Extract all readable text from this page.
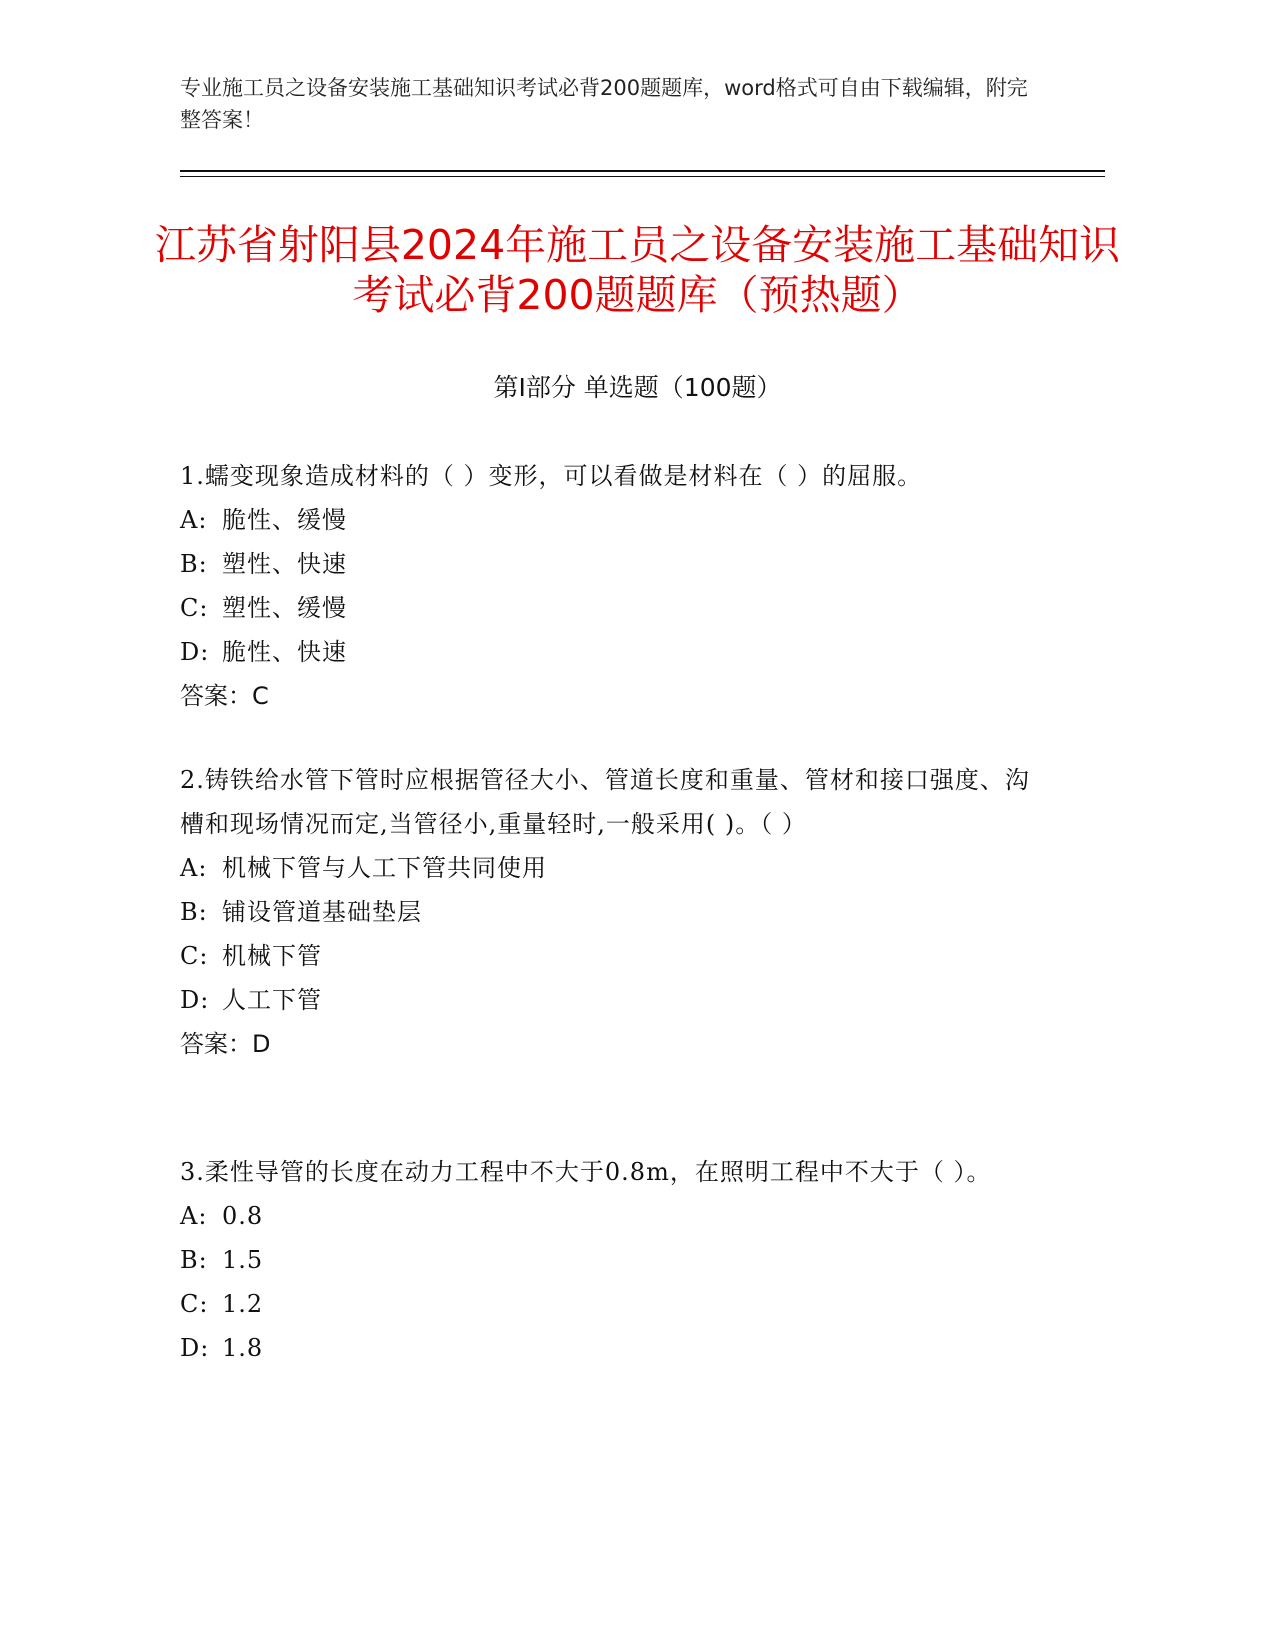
专业施工员之设备安装施工基础知识考试必背200题题库，word格式可自由下载编辑，附完整答案！
江苏省射阳县2024年施工员之设备安装施工基础知识考试必背200题题库（预热题）
第Ⅰ部分 单选题（100题）

1.蠕变现象造成材料的（ ）变形，可以看做是材料在（ ）的屈服。

A: 脆性、缓慢

B: 塑性、快速

C: 塑性、缓慢

D: 脆性、快速

答案：C

2.铸铁给水管下管时应根据管径大小、管道长度和重量、管材和接口强度、沟槽和现场情况而定,当管径小,重量轻时,一般采用( )。（ ）

A: 机械下管与人工下管共同使用

B: 铺设管道基础垫层

C: 机械下管

D: 人工下管

答案：D

3.柔性导管的长度在动力工程中不大于0.8m，在照明工程中不大于（ ）。

A: 0.8

B: 1.5

C: 1.2

D: 1.8
